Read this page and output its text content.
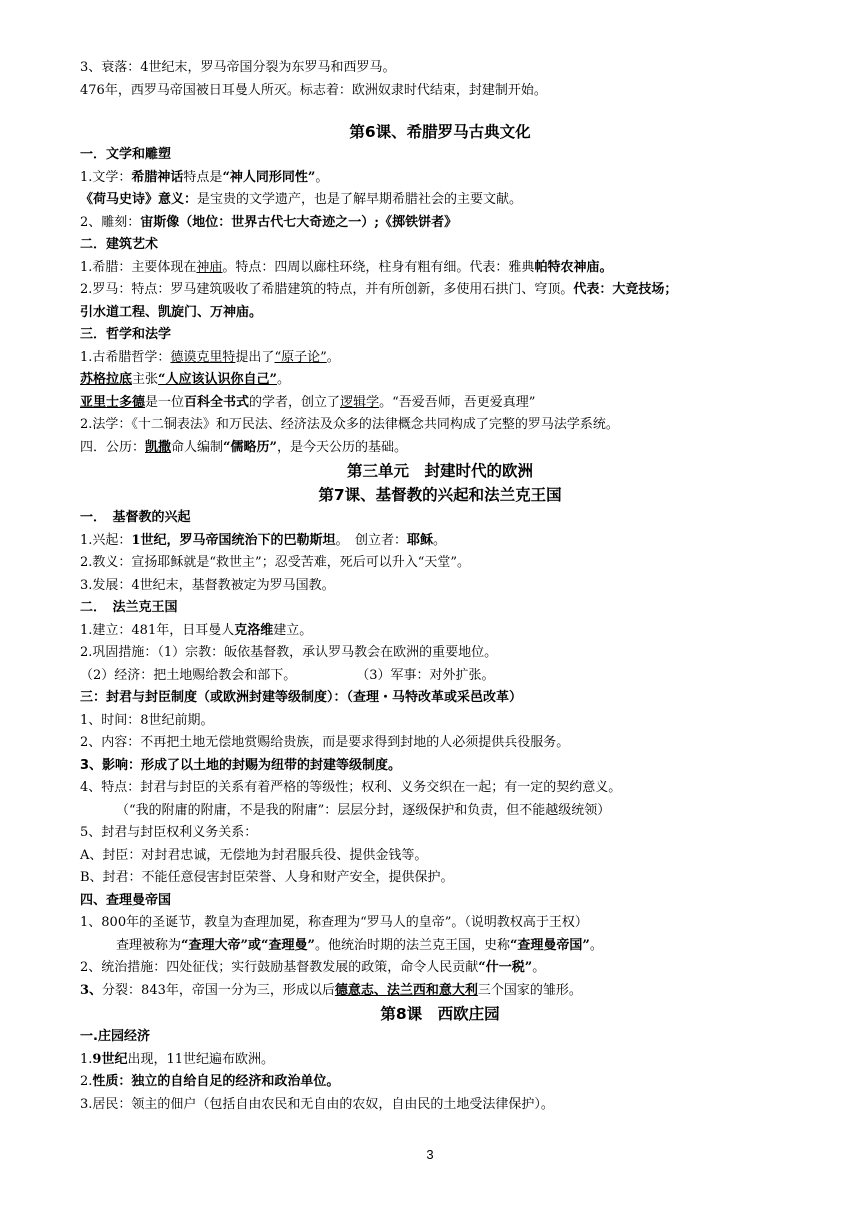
3、衰落：4世纪末，罗马帝国分裂为东罗马和西罗马。
476年，西罗马帝国被日耳曼人所灭。标志着：欧洲奴隶时代结束，封建制开始。
第6课、希腊罗马古典文化
一．文学和雕塑
1.文学：希腊神话特点是“神人同形同性”。
《荷马史诗》意义：是宝贵的文学遗产，也是了解早期希腊社会的主要文献。
2、雕刻：宙斯像（地位：世界古代七大奇迹之一）;《掷铁饼者》
二．建筑艺术
1.希腊：主要体现在神庙。特点：四周以廊柱环绕，柱身有粗有细。代表：雅典帕特农神庙。
2.罗马：特点：罗马建筑吸收了希腊建筑的特点，并有所创新，多使用石拱门、穹顶。代表：大竞技场；
引水道工程、凯旋门、万神庙。
三．哲学和法学
1.古希腊哲学：德谟克里特提出了“原子论”。
苏格拉底主张“人应该认识你自己”。
亚里士多德是一位百科全书式的学者，创立了逻辑学。“吾爱吾师，吾更爱真理”
2.法学：《十二铜表法》和万民法、经济法及众多的法律概念共同构成了完整的罗马法学系统。
四．公历：凯撒命人编制“儒略历”，是今天公历的基础。
第三单元　封建时代的欧洲
第7课、基督教的兴起和法兰克王国
一．　基督教的兴起
1.兴起：1世纪，罗马帝国统治下的巴勒斯坦。　创立者：耶稣。
2.教义：宣扬耶稣就是“救世主”；忍受苦难，死后可以升入“天堂”。
3.发展：4世纪末，基督教被定为罗马国教。
二．　法兰克王国
1.建立：481年，日耳曼人克洛维建立。
2.巩固措施：（1）宗教：皈依基督教，承认罗马教会在欧洲的重要地位。
（2）经济：把土地赐给教会和部下。	（3）军事：对外扩张。
三：封君与封臣制度（或欧洲封建等级制度）：（查理・马特改革或采邑改革）
1、时间：8世纪前期。
2、内容：不再把土地无偿地赏赐给贵族，而是要求得到封地的人必须提供兵役服务。
3、影响：形成了以土地的封赐为纽带的封建等级制度。
4、特点：封君与封臣的关系有着严格的等级性；权利、义务交织在一起；有一定的契约意义。
（“我的附庸的附庸，不是我的附庸”：层层分封，逐级保护和负责，但不能越级统领）
5、封君与封臣权利义务关系：
A、封臣：对封君忠诚，无偿地为封君服兵役、提供金钱等。
B、封君：不能任意侵害封臣荣誉、人身和财产安全，提供保护。
四、查理曼帝国
1、800年的圣诞节，教皇为查理加冕，称查理为“罗马人的皇帝”。（说明教权高于王权）
查理被称为“查理大帝”或“查理曼”。他统治时期的法兰克王国，史称“查理曼帝国”。
2、统治措施：四处征伐；实行鼓励基督教发展的政策，命令人民贡献“什一税”。
3、分裂：843年，帝国一分为三，形成以后德意志、法兰西和意大利三个国家的雏形。
第8课　西欧庄园
一.庄园经济
1.9世纪出现，11世纪遍布欧洲。
2.性质：独立的自给自足的经济和政治单位。
3.居民：领主的佃户（包括自由农民和无自由的农奴，自由民的土地受法律保护）。
3
